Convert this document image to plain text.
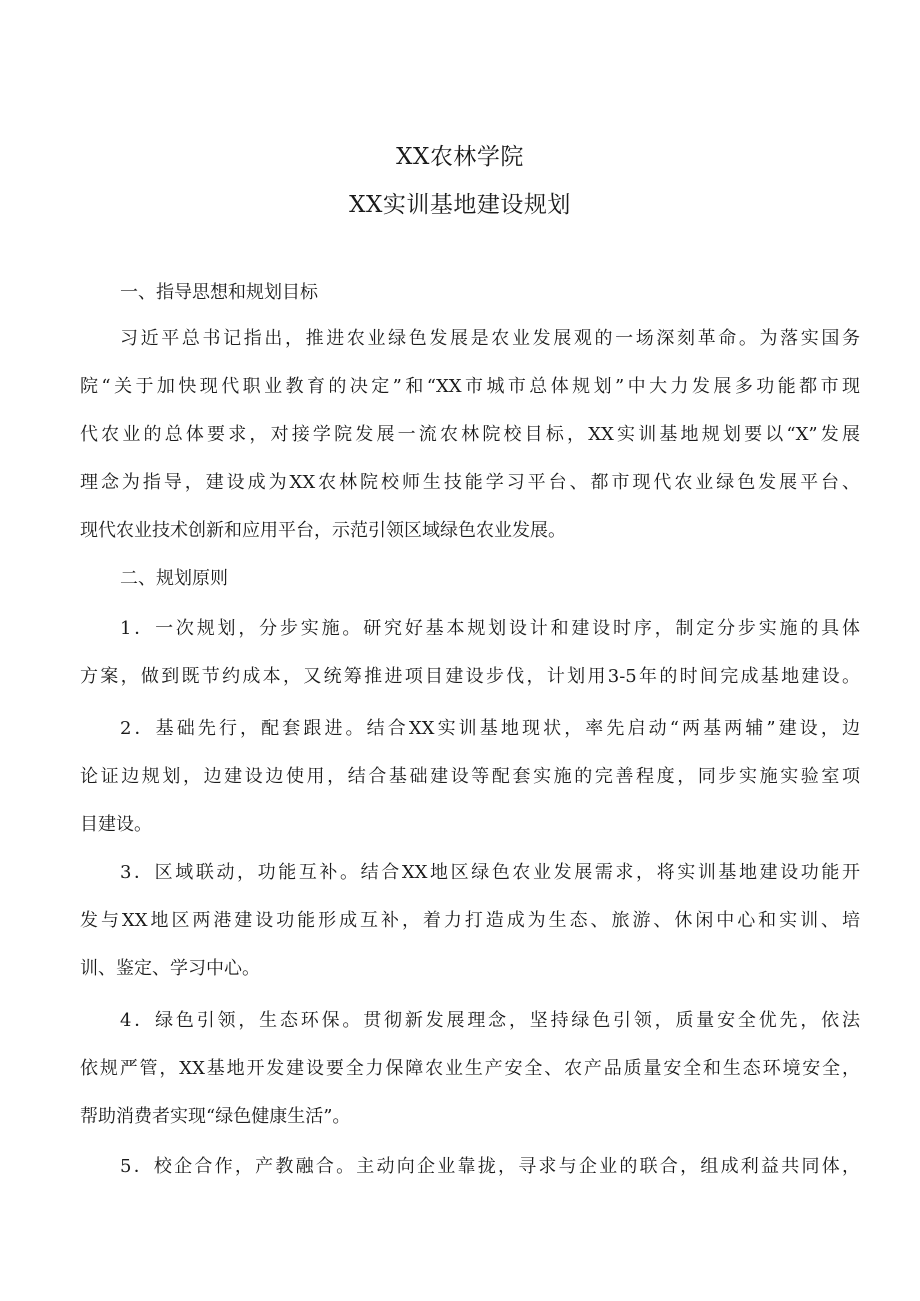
XX农林学院
XX实训基地建设规划
一、指导思想和规划目标
习近平总书记指出，推进农业绿色发展是农业发展观的一场深刻革命。为落实国务
院“关于加快现代职业教育的决定”和“XX市城市总体规划”中大力发展多功能都市现
代农业的总体要求，对接学院发展一流农林院校目标，XX实训基地规划要以“X”发展
理念为指导，建设成为XX农林院校师生技能学习平台、都市现代农业绿色发展平台、
现代农业技术创新和应用平台，示范引领区域绿色农业发展。
二、规划原则
1．一次规划，分步实施。研究好基本规划设计和建设时序，制定分步实施的具体
方案，做到既节约成本，又统筹推进项目建设步伐，计划用3-5年的时间完成基地建设。
2．基础先行，配套跟进。结合XX实训基地现状，率先启动“两基两辅”建设，边
论证边规划，边建设边使用，结合基础建设等配套实施的完善程度，同步实施实验室项
目建设。
3．区域联动，功能互补。结合XX地区绿色农业发展需求，将实训基地建设功能开
发与XX地区两港建设功能形成互补，着力打造成为生态、旅游、休闲中心和实训、培
训、鉴定、学习中心。
4．绿色引领，生态环保。贯彻新发展理念，坚持绿色引领，质量安全优先，依法
依规严管，XX基地开发建设要全力保障农业生产安全、农产品质量安全和生态环境安全，
帮助消费者实现“绿色健康生活”。
5．校企合作，产教融合。主动向企业靠拢，寻求与企业的联合，组成利益共同体，
